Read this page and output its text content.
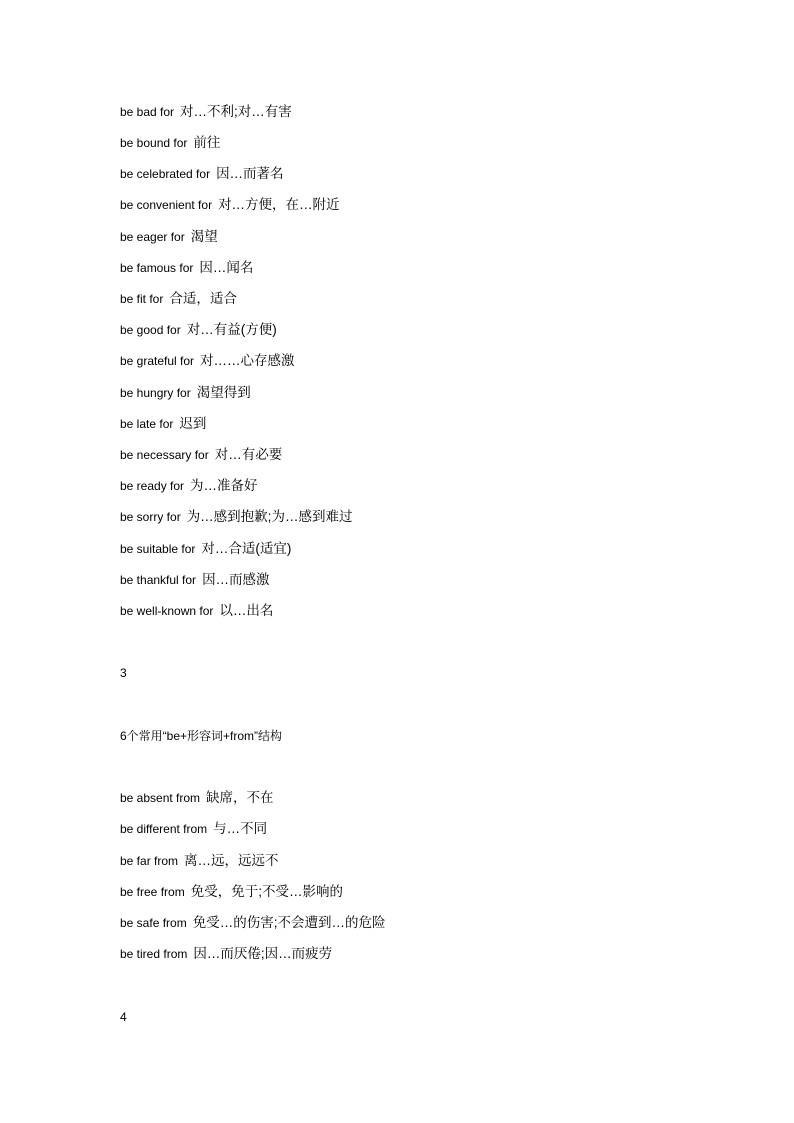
be bad for 对…不利;对…有害
be bound for 前往
be celebrated for 因…而著名
be convenient for 对…方便，在…附近
be eager for 渴望
be famous for 因…闻名
be fit for 合适，适合
be good for 对…有益(方便)
be grateful for 对……心存感激
be hungry for 渴望得到
be late for 迟到
be necessary for 对…有必要
be ready for 为…准备好
be sorry for 为…感到抱歉;为…感到难过
be suitable for 对…合适(适宜)
be thankful for 因…而感激
be well-known for 以…出名
3
6个常用“be+形容词+from”结构
be absent from 缺席，不在
be different from 与…不同
be far from 离…远，远远不
be free from 免受，免于;不受…影响的
be safe from 免受…的伤害;不会遭到…的危险
be tired from 因…而厌倦;因…而疲劳
4
